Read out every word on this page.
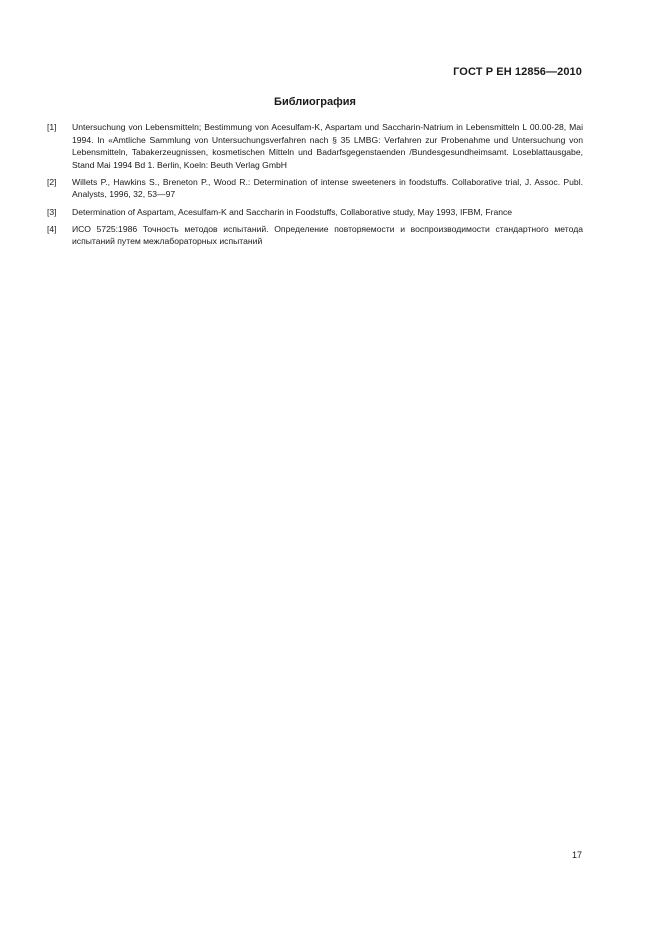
ГОСТ Р ЕН 12856—2010
Библиография
[1]	Untersuchung von Lebensmitteln; Bestimmung von Acesulfam-K, Aspartam und Saccharin-Natrium in Lebensmitteln L 00.00-28, Mai 1994. In «Amtliche Sammlung von Untersuchungsverfahren nach § 35 LMBG: Verfahren zur Probenahme und Untersuchung von Lebensmitteln, Tabakerzeugnissen, kosmetischen Mitteln und Badarfsgegenstaenden /Bundesgesundheimsamt. Loseblattausgabe, Stand Mai 1994 Bd 1. Berlin, Koeln: Beuth Verlag GmbH
[2]	Willets P., Hawkins S., Breneton P., Wood R.: Determination of intense sweeteners in foodstuffs. Collaborative trial, J. Assoc. Publ. Analysts, 1996, 32, 53—97
[3]	Determination of Aspartam, Acesulfam-K and Saccharin in Foodstuffs, Collaborative study, May 1993, IFBM, France
[4]	ИСО 5725:1986 Точность методов испытаний. Определение повторяемости и воспроизводимости стандартного метода испытаний путем межлабораторных испытаний
17
